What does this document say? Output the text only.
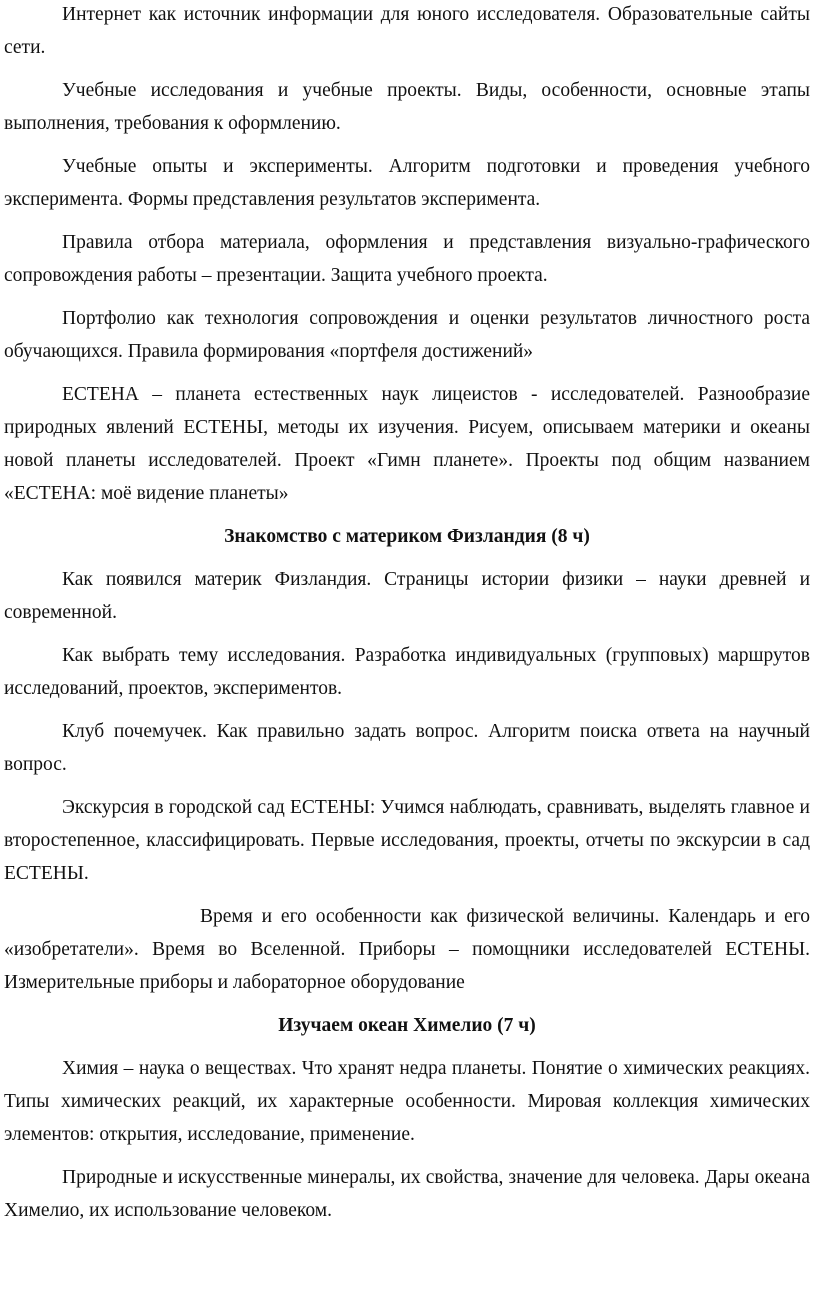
Интернет как источник информации для юного исследователя. Образовательные сайты сети.

Учебные исследования и учебные проекты. Виды, особенности, основные этапы выполнения, требования к оформлению.

Учебные опыты и эксперименты. Алгоритм подготовки и проведения учебного эксперимента. Формы представления результатов эксперимента.

Правила отбора материала, оформления и представления визуально-графического сопровождения работы – презентации. Защита учебного проекта.

Портфолио как технология сопровождения и оценки результатов личностного роста обучающихся. Правила формирования «портфеля достижений»

ЕСТЕНА – планета естественных наук лицеистов - исследователей. Разнообразие природных явлений ЕСТЕНЫ, методы их изучения. Рисуем, описываем материки и океаны новой планеты исследователей. Проект «Гимн планете». Проекты под общим названием «ЕСТЕНА: моё видение планеты»

Знакомство с материком Физландия (8 ч)

Как появился материк Физландия. Страницы истории физики – науки древней и современной.

Как выбрать тему исследования. Разработка индивидуальных (групповых) маршрутов исследований, проектов, экспериментов.

Клуб почемучек. Как правильно задать вопрос. Алгоритм поиска ответа на научный вопрос.

Экскурсия в городской сад ЕСТЕНЫ: Учимся наблюдать, сравнивать, выделять главное и второстепенное, классифицировать. Первые исследования, проекты, отчеты по экскурсии в сад ЕСТЕНЫ.

Время и его особенности как физической величины. Календарь и его «изобретатели». Время во Вселенной. Приборы – помощники исследователей ЕСТЕНЫ. Измерительные приборы и лабораторное оборудование

Изучаем океан Химелио (7 ч)

Химия – наука о веществах. Что хранят недра планеты. Понятие о химических реакциях. Типы химических реакций, их характерные особенности. Мировая коллекция химических элементов: открытия, исследование, применение.

Природные и искусственные минералы, их свойства, значение для человека. Дары океана Химелио, их использование человеком.
